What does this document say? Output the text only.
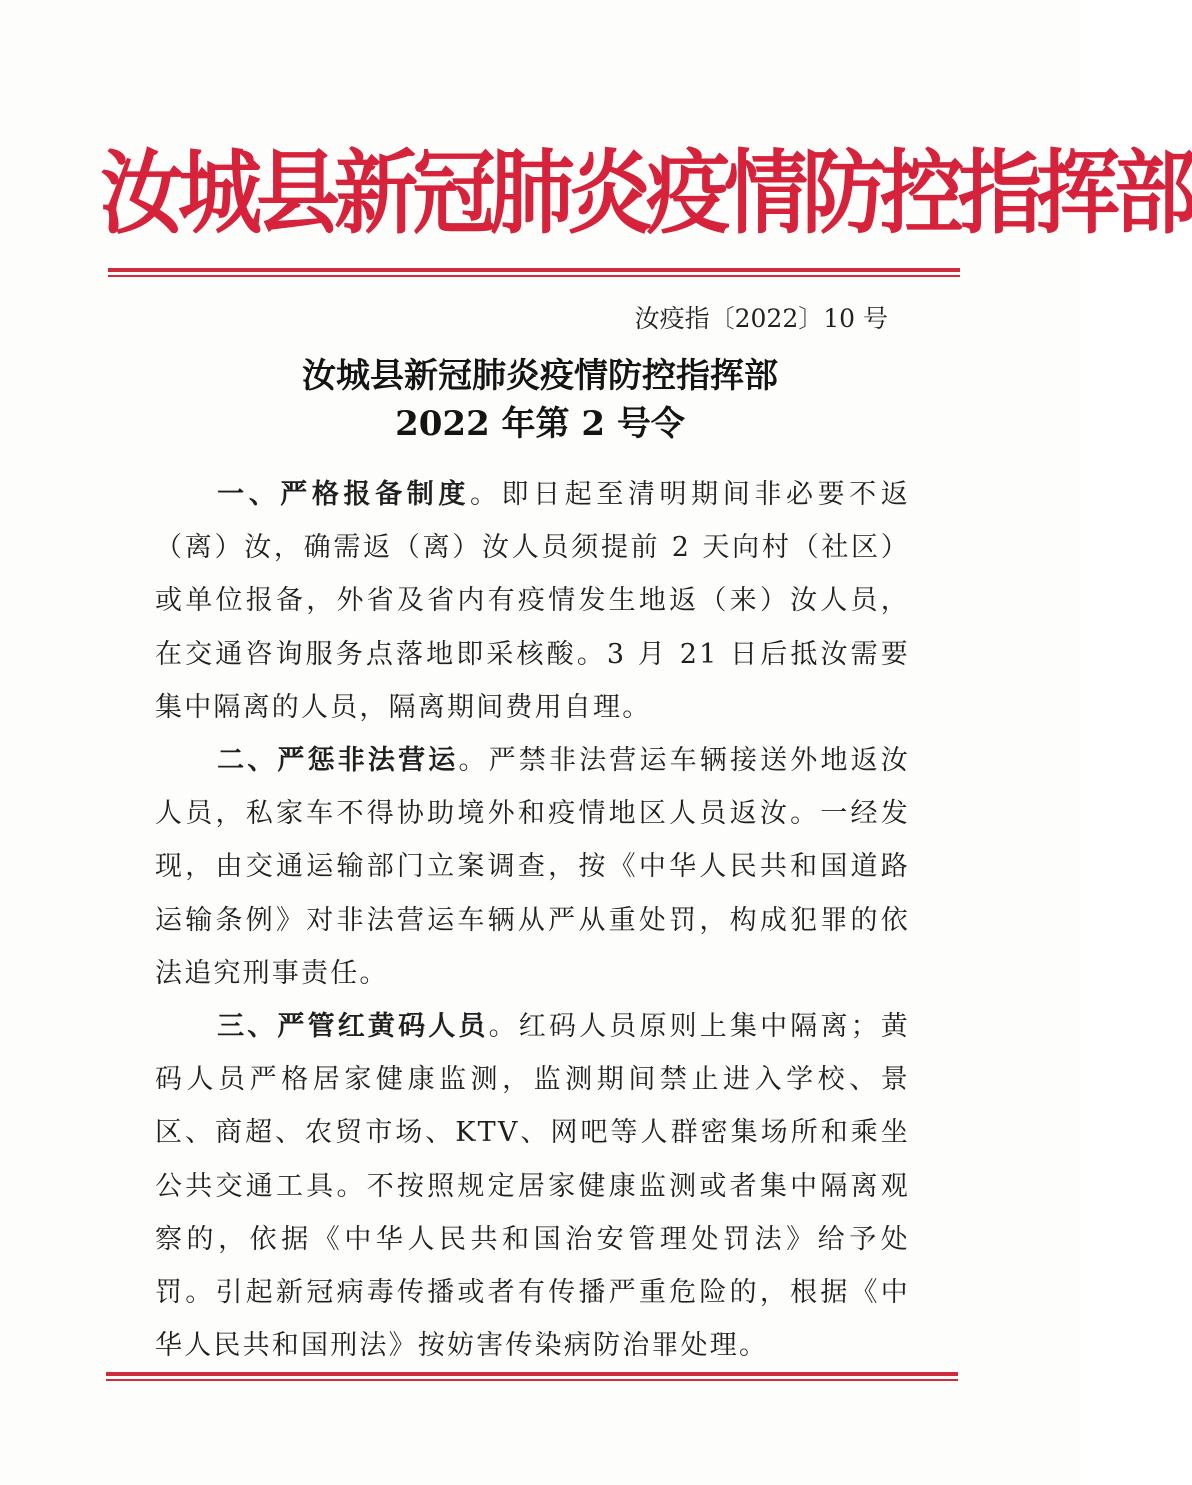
汝城县新冠肺炎疫情防控指挥部
汝疫指〔2022〕10 号
汝城县新冠肺炎疫情防控指挥部
2022 年第 2 号令

一、严格报备制度。即日起至清明期间非必要不返（离）汝，确需返（离）汝人员须提前 2 天向村（社区）或单位报备，外省及省内有疫情发生地返（来）汝人员，在交通咨询服务点落地即采核酸。3 月 21 日后抵汝需要集中隔离的人员，隔离期间费用自理。

二、严惩非法营运。严禁非法营运车辆接送外地返汝人员，私家车不得协助境外和疫情地区人员返汝。一经发现，由交通运输部门立案调查，按《中华人民共和国道路运输条例》对非法营运车辆从严从重处罚，构成犯罪的依法追究刑事责任。

三、严管红黄码人员。红码人员原则上集中隔离；黄码人员严格居家健康监测，监测期间禁止进入学校、景区、商超、农贸市场、KTV、网吧等人群密集场所和乘坐公共交通工具。不按照规定居家健康监测或者集中隔离观察的，依据《中华人民共和国治安管理处罚法》给予处罚。引起新冠病毒传播或者有传播严重危险的，根据《中华人民共和国刑法》按妨害传染病防治罪处理。
